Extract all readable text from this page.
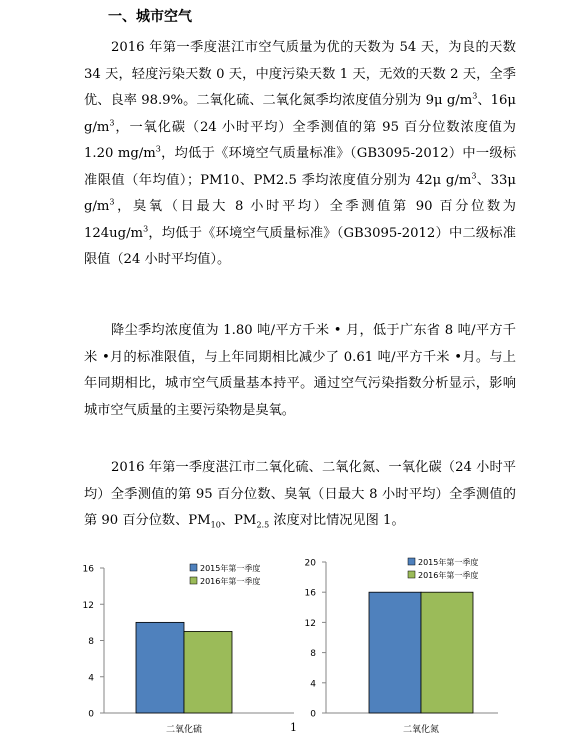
一、城市空气

2016 年第一季度湛江市空气质量为优的天数为 54 天，为良的天数 34 天，轻度污染天数 0 天，中度污染天数 1 天，无效的天数 2 天，全季优、良率 98.9%。二氧化硫、二氧化氮季均浓度值分别为 9μ $g/m^3$、16μ $g/m^3$，一氧化碳（24 小时平均）全季测值的第 95 百分位数浓度值为 1.20 $mg/m^3$，均低于《环境空气质量标准》（GB3095-2012）中一级标准限值（年均值）；PM10、PM2.5 季均浓度值分别为 42μ $g/m^3$、33μ $g/m^3$，臭氧（日最大 8 小时平均）全季测值第 90 百分位数为 $124ug/m^3$，均低于《环境空气质量标准》（GB3095-2012）中二级标准限值（24 小时平均值）。

降尘季均浓度值为 1.80 吨/平方千米 • 月，低于广东省 8 吨/平方千米 •月的标准限值，与上年同期相比减少了 0.61 吨/平方千米 •月。与上年同期相比，城市空气质量基本持平。通过空气污染指数分析显示，影响城市空气质量的主要污染物是臭氧。

2016 年第一季度湛江市二氧化硫、二氧化氮、一氧化碳（24 小时平均）全季测值的第 95 百分位数、臭氧（日最大 8 小时平均）全季测值的第 90 百分位数、$PM_{10}$、$PM_{2.5}$ 浓度对比情况见图 1。

0
4
8
12
16
二氧化硫
2015年第一季度
2016年第一季度
0
4
8
12
16
20
二氧化氮
2015年第一季度
2016年第一季度
1
